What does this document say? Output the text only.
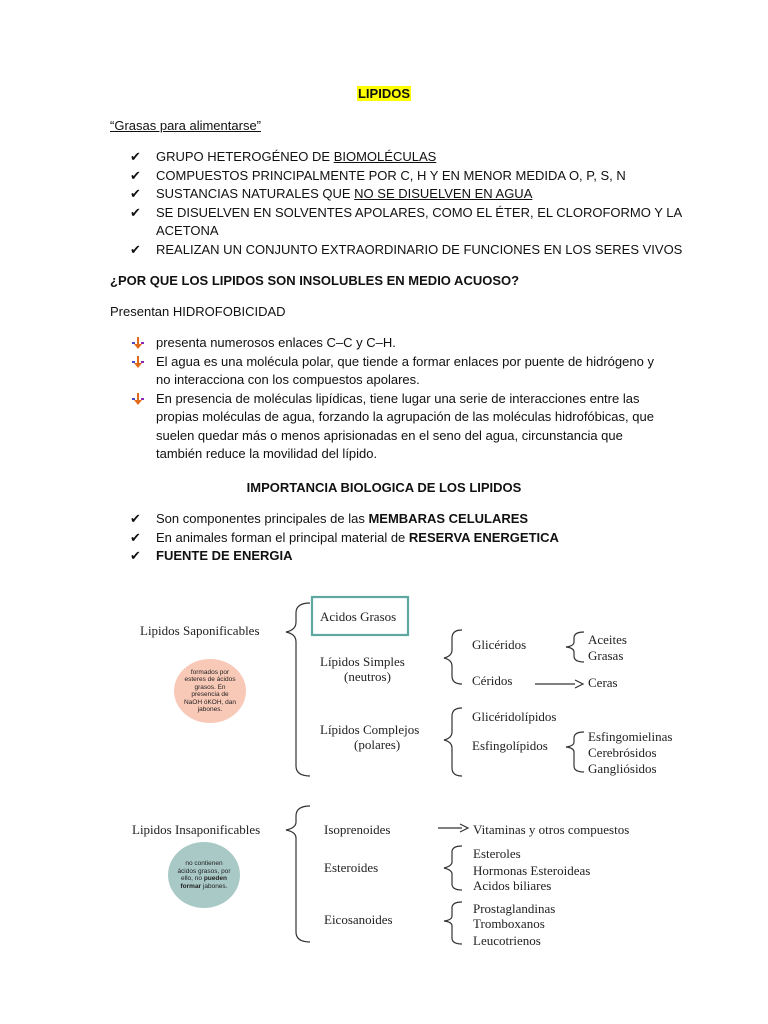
LIPIDOS
“Grasas para alimentarse”
✔ GRUPO HETEROGÉNEO DE BIOMOLÉCULAS
✔ COMPUESTOS PRINCIPALMENTE POR C, H Y EN MENOR MEDIDA O, P, S, N
✔ SUSTANCIAS NATURALES QUE NO SE DISUELVEN EN AGUA
✔ SE DISUELVEN EN SOLVENTES APOLARES, COMO EL ÉTER, EL CLOROFORMO Y LA
ACETONA
✔ REALIZAN UN CONJUNTO EXTRAORDINARIO DE FUNCIONES EN LOS SERES VIVOS
¿POR QUE LOS LIPIDOS SON INSOLUBLES EN MEDIO ACUOSO?
Presentan HIDROFOBICIDAD
presenta numerosos enlaces C–C y C–H.
El agua es una molécula polar, que tiende a formar enlaces por puente de hidrógeno y no interacciona con los compuestos apolares.
En presencia de moléculas lipídicas, tiene lugar una serie de interacciones entre las propias moléculas de agua, forzando la agrupación de las moléculas hidrofóbicas, que suelen quedar más o menos aprisionadas en el seno del agua, circunstancia que también reduce la movilidad del lípido.
IMPORTANCIA BIOLOGICA DE LOS LIPIDOS
✔ Son componentes principales de las MEMBARAS CELULARES
✔ En animales forman el principal material de RESERVA ENERGETICA
✔ FUENTE DE ENERGIA
Lipidos Saponificables
Acidos Grasos
Lípidos Simples
(neutros)
Glicéridos	Aceites
Grasas
Céridos	Ceras
Lípidos Complejos
(polares)
Glicéridolípidos
Esfingolípidos
Esfingomielinas
Cerebrósidos
Gangliósidos
formados por esteres de ácidos grasos. En presencia de NaOH óKOH, dan jabones.
Lipidos Insaponificables	Isoprenoides	Vitaminas y otros compuestos
Esteroides
Esteroles
Hormonas Esteroideas
Acidos biliares
Eicosanoides
Prostaglandinas
Tromboxanos
Leucotrienos
no contienen ácidos grasos, por ello, no pueden formar jabones.
